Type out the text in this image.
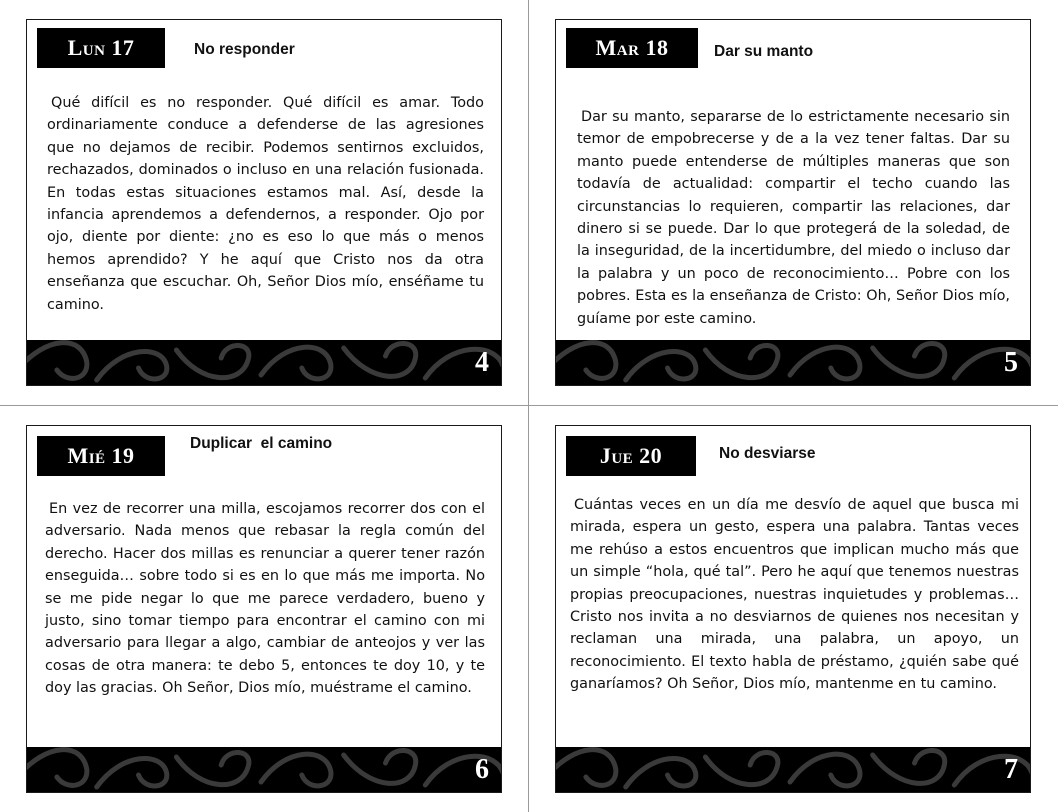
Lun 17	No responder

Qué difícil es no responder. Qué difícil es amar. Todo ordinariamente conduce a defenderse de las agresiones que no dejamos de recibir. Podemos sentirnos excluidos, rechazados, dominados o incluso en una relación fusionada. En todas estas situaciones estamos mal. Así, desde la infancia aprendemos a defendernos, a responder. Ojo por ojo, diente por diente: ¿no es eso lo que más o menos hemos aprendido? Y he aquí que Cristo nos da otra enseñanza que escuchar. Oh, Señor Dios mío, enséñame tu camino.

4
Mar 18	Dar su manto

Dar su manto, separarse de lo estrictamente necesario sin temor de empobrecerse y de a la vez tener faltas. Dar su manto puede entenderse de múltiples maneras que son todavía de actualidad: compartir el techo cuando las circunstancias lo requieren, compartir las relaciones, dar dinero si se puede. Dar lo que protegerá de la soledad, de la inseguridad, de la incertidumbre, del miedo o incluso dar la palabra y un poco de reconocimiento… Pobre con los pobres. Esta es la enseñanza de Cristo: Oh, Señor Dios mío, guíame por este camino.

5
Mié 19	Duplicar  el camino

En vez de recorrer una milla, escojamos recorrer dos con el adversario. Nada menos que rebasar la regla común del derecho. Hacer dos millas es renunciar a querer tener razón enseguida… sobre todo si es en lo que más me importa. No se me pide negar lo que me parece verdadero, bueno y justo, sino tomar tiempo para encontrar el camino con mi adversario para llegar a algo, cambiar de anteojos y ver las cosas de otra manera: te debo 5, entonces te doy 10, y te doy las gracias. Oh Señor, Dios mío, muéstrame el camino.

6
Jue 20	No desviarse

Cuántas veces en un día me desvío de aquel que busca mi mirada, espera un gesto, espera una palabra. Tantas veces me rehúso a estos encuentros que implican mucho más que un simple “hola, qué tal”. Pero he aquí que tenemos nuestras propias preocupaciones, nuestras inquietudes y problemas… Cristo nos invita a no desviarnos de quienes nos necesitan y reclaman una mirada, una palabra, un apoyo, un reconocimiento. El texto habla de préstamo, ¿quién sabe qué ganaríamos? Oh Señor, Dios mío, mantenme en tu camino.

7
